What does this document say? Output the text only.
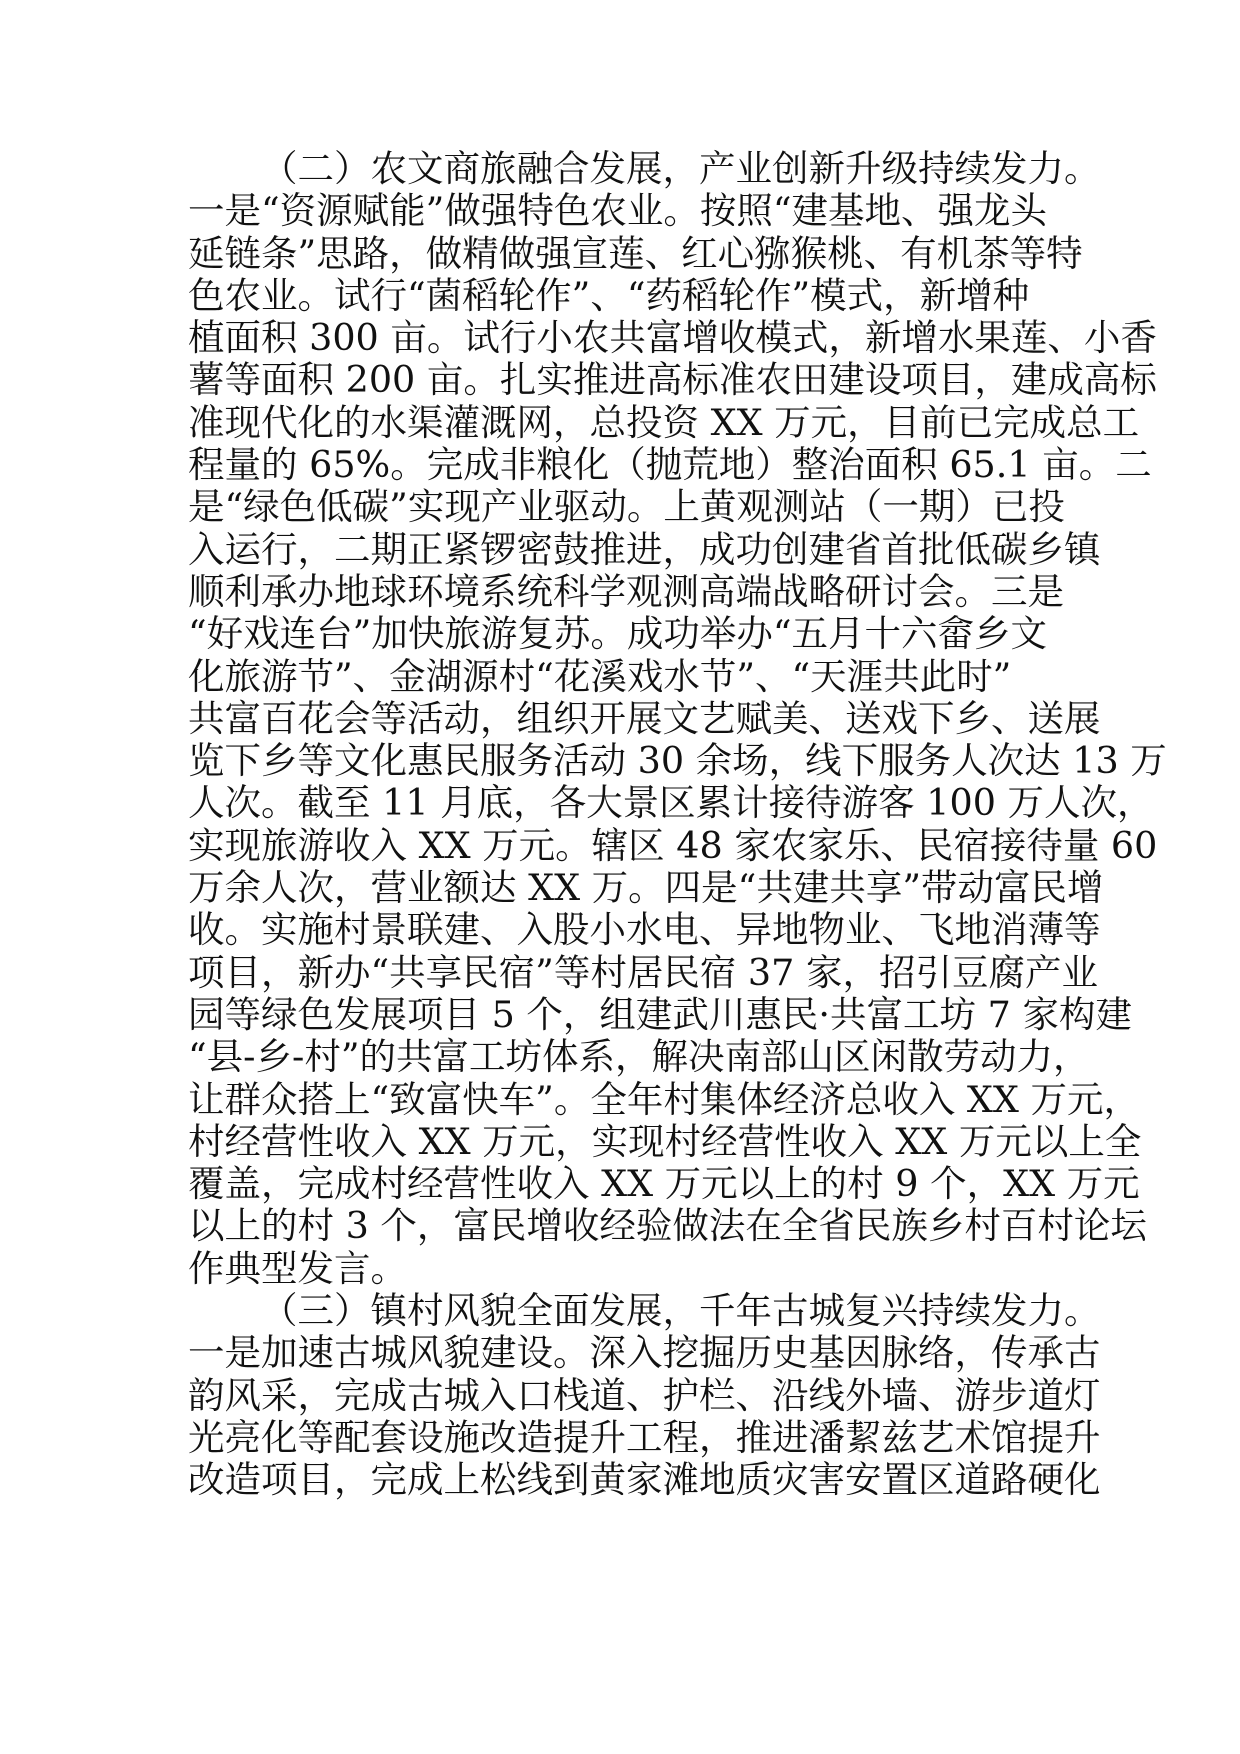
（二）农文商旅融合发展，产业创新升级持续发力。
一是“资源赋能”做强特色农业。按照“建基地、强龙头
延链条”思路，做精做强宣莲、红心猕猴桃、有机茶等特
色农业。试行“菌稻轮作”、“药稻轮作”模式，新增种
植面积 300 亩。试行小农共富增收模式，新增水果莲、小香
薯等面积 200 亩。扎实推进高标准农田建设项目，建成高标
准现代化的水渠灌溉网，总投资 XX 万元，目前已完成总工
程量的 65%。完成非粮化（抛荒地）整治面积 65.1 亩。二
是“绿色低碳”实现产业驱动。上黄观测站（一期）已投
入运行，二期正紧锣密鼓推进，成功创建省首批低碳乡镇
顺利承办地球环境系统科学观测高端战略研讨会。三是
“好戏连台”加快旅游复苏。成功举办“五月十六畲乡文
化旅游节”、金湖源村“花溪戏水节”、“天涯共此时”
共富百花会等活动，组织开展文艺赋美、送戏下乡、送展
览下乡等文化惠民服务活动 30 余场，线下服务人次达 13 万
人次。截至 11 月底，各大景区累计接待游客 100 万人次，
实现旅游收入 XX 万元。辖区 48 家农家乐、民宿接待量 60
万余人次，营业额达 XX 万。四是“共建共享”带动富民增
收。实施村景联建、入股小水电、异地物业、飞地消薄等
项目，新办“共享民宿”等村居民宿 37 家，招引豆腐产业
园等绿色发展项目 5 个，组建武川惠民·共富工坊 7 家构建
“县-乡-村”的共富工坊体系，解决南部山区闲散劳动力，
让群众搭上“致富快车”。全年村集体经济总收入 XX 万元，
村经营性收入 XX 万元，实现村经营性收入 XX 万元以上全
覆盖，完成村经营性收入 XX 万元以上的村 9 个，XX 万元
以上的村 3 个，富民增收经验做法在全省民族乡村百村论坛
作典型发言。
（三）镇村风貌全面发展，千年古城复兴持续发力。
一是加速古城风貌建设。深入挖掘历史基因脉络，传承古
韵风采，完成古城入口栈道、护栏、沿线外墙、游步道灯
光亮化等配套设施改造提升工程，推进潘絜兹艺术馆提升
改造项目，完成上松线到黄家滩地质灾害安置区道路硬化
